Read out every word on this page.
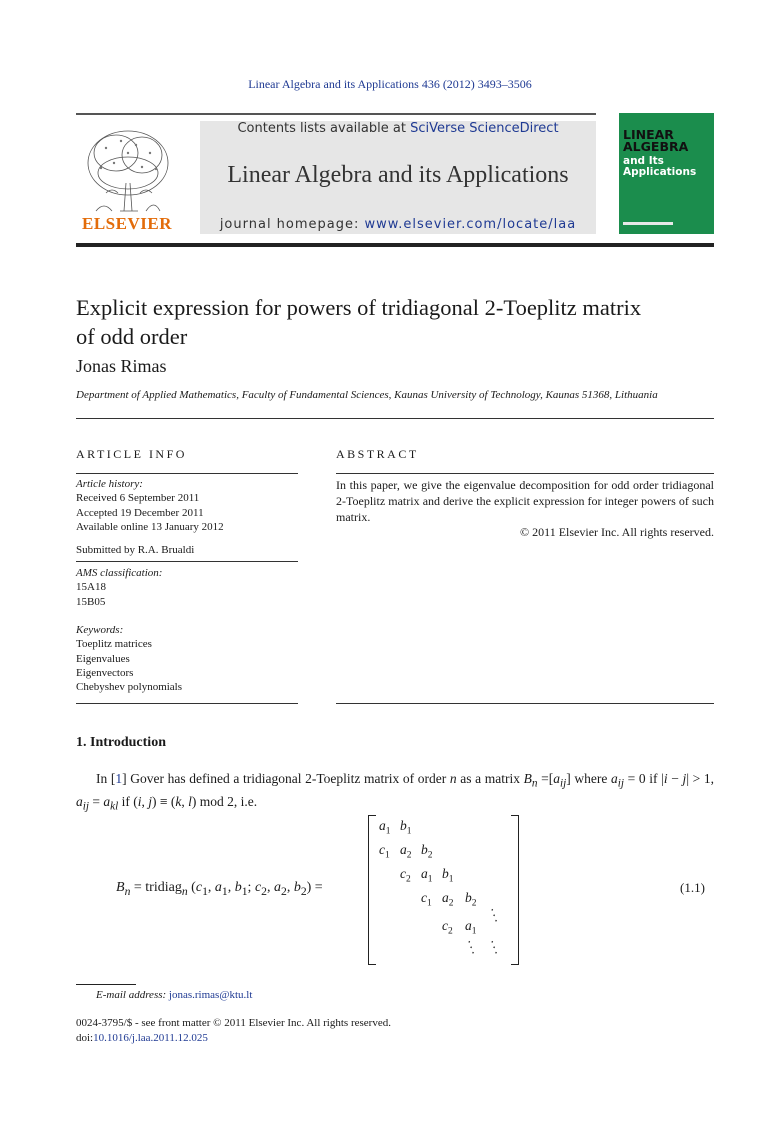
Linear Algebra and its Applications 436 (2012) 3493–3506
ELSEVIER
Contents lists available at SciVerse ScienceDirect
Linear Algebra and its Applications
journal homepage: www.elsevier.com/locate/laa
LINEAR
ALGEBRA
and Its
Applications
Explicit expression for powers of tridiagonal 2-Toeplitz matrix
of odd order
Jonas Rimas
Department of Applied Mathematics, Faculty of Fundamental Sciences, Kaunas University of Technology, Kaunas 51368, Lithuania
ARTICLE INFO	ABSTRACT
Article history:
Received 6 September 2011
Accepted 19 December 2011
Available online 13 January 2012
Submitted by R.A. Brualdi
AMS classification:
15A18
15B05
Keywords:
Toeplitz matrices
Eigenvalues
Eigenvectors
Chebyshev polynomials
In this paper, we give the eigenvalue decomposition for odd order tridiagonal 2-Toeplitz matrix and derive the explicit expression for integer powers of such matrix.
© 2011 Elsevier Inc. All rights reserved.
1. Introduction
In [1] Gover has defined a tridiagonal 2-Toeplitz matrix of order n as a matrix $B_n =[a_{ij}]$ where $a_{ij} = 0$ if |i − j| > 1, $a_{ij} = a_{kl}$ if (i, j) ≡ (k, l) mod 2, i.e.
$B_n$ = tridiag$_n$ ($c_1$, $a_1$, $b_1$; $c_2$, $a_2$, $b_2$) =
$a_1$ $b_1$
$c_1$ $a_2$ $b_2$
$c_2$ $a_1$ $b_1$
$c_1$ $a_2$ $b_2$
$c_2$ $a_1$
⋱
⋱ ⋱
(1.1)
E-mail address: jonas.rimas@ktu.lt
0024-3795/$ - see front matter © 2011 Elsevier Inc. All rights reserved.
doi:10.1016/j.laa.2011.12.025
